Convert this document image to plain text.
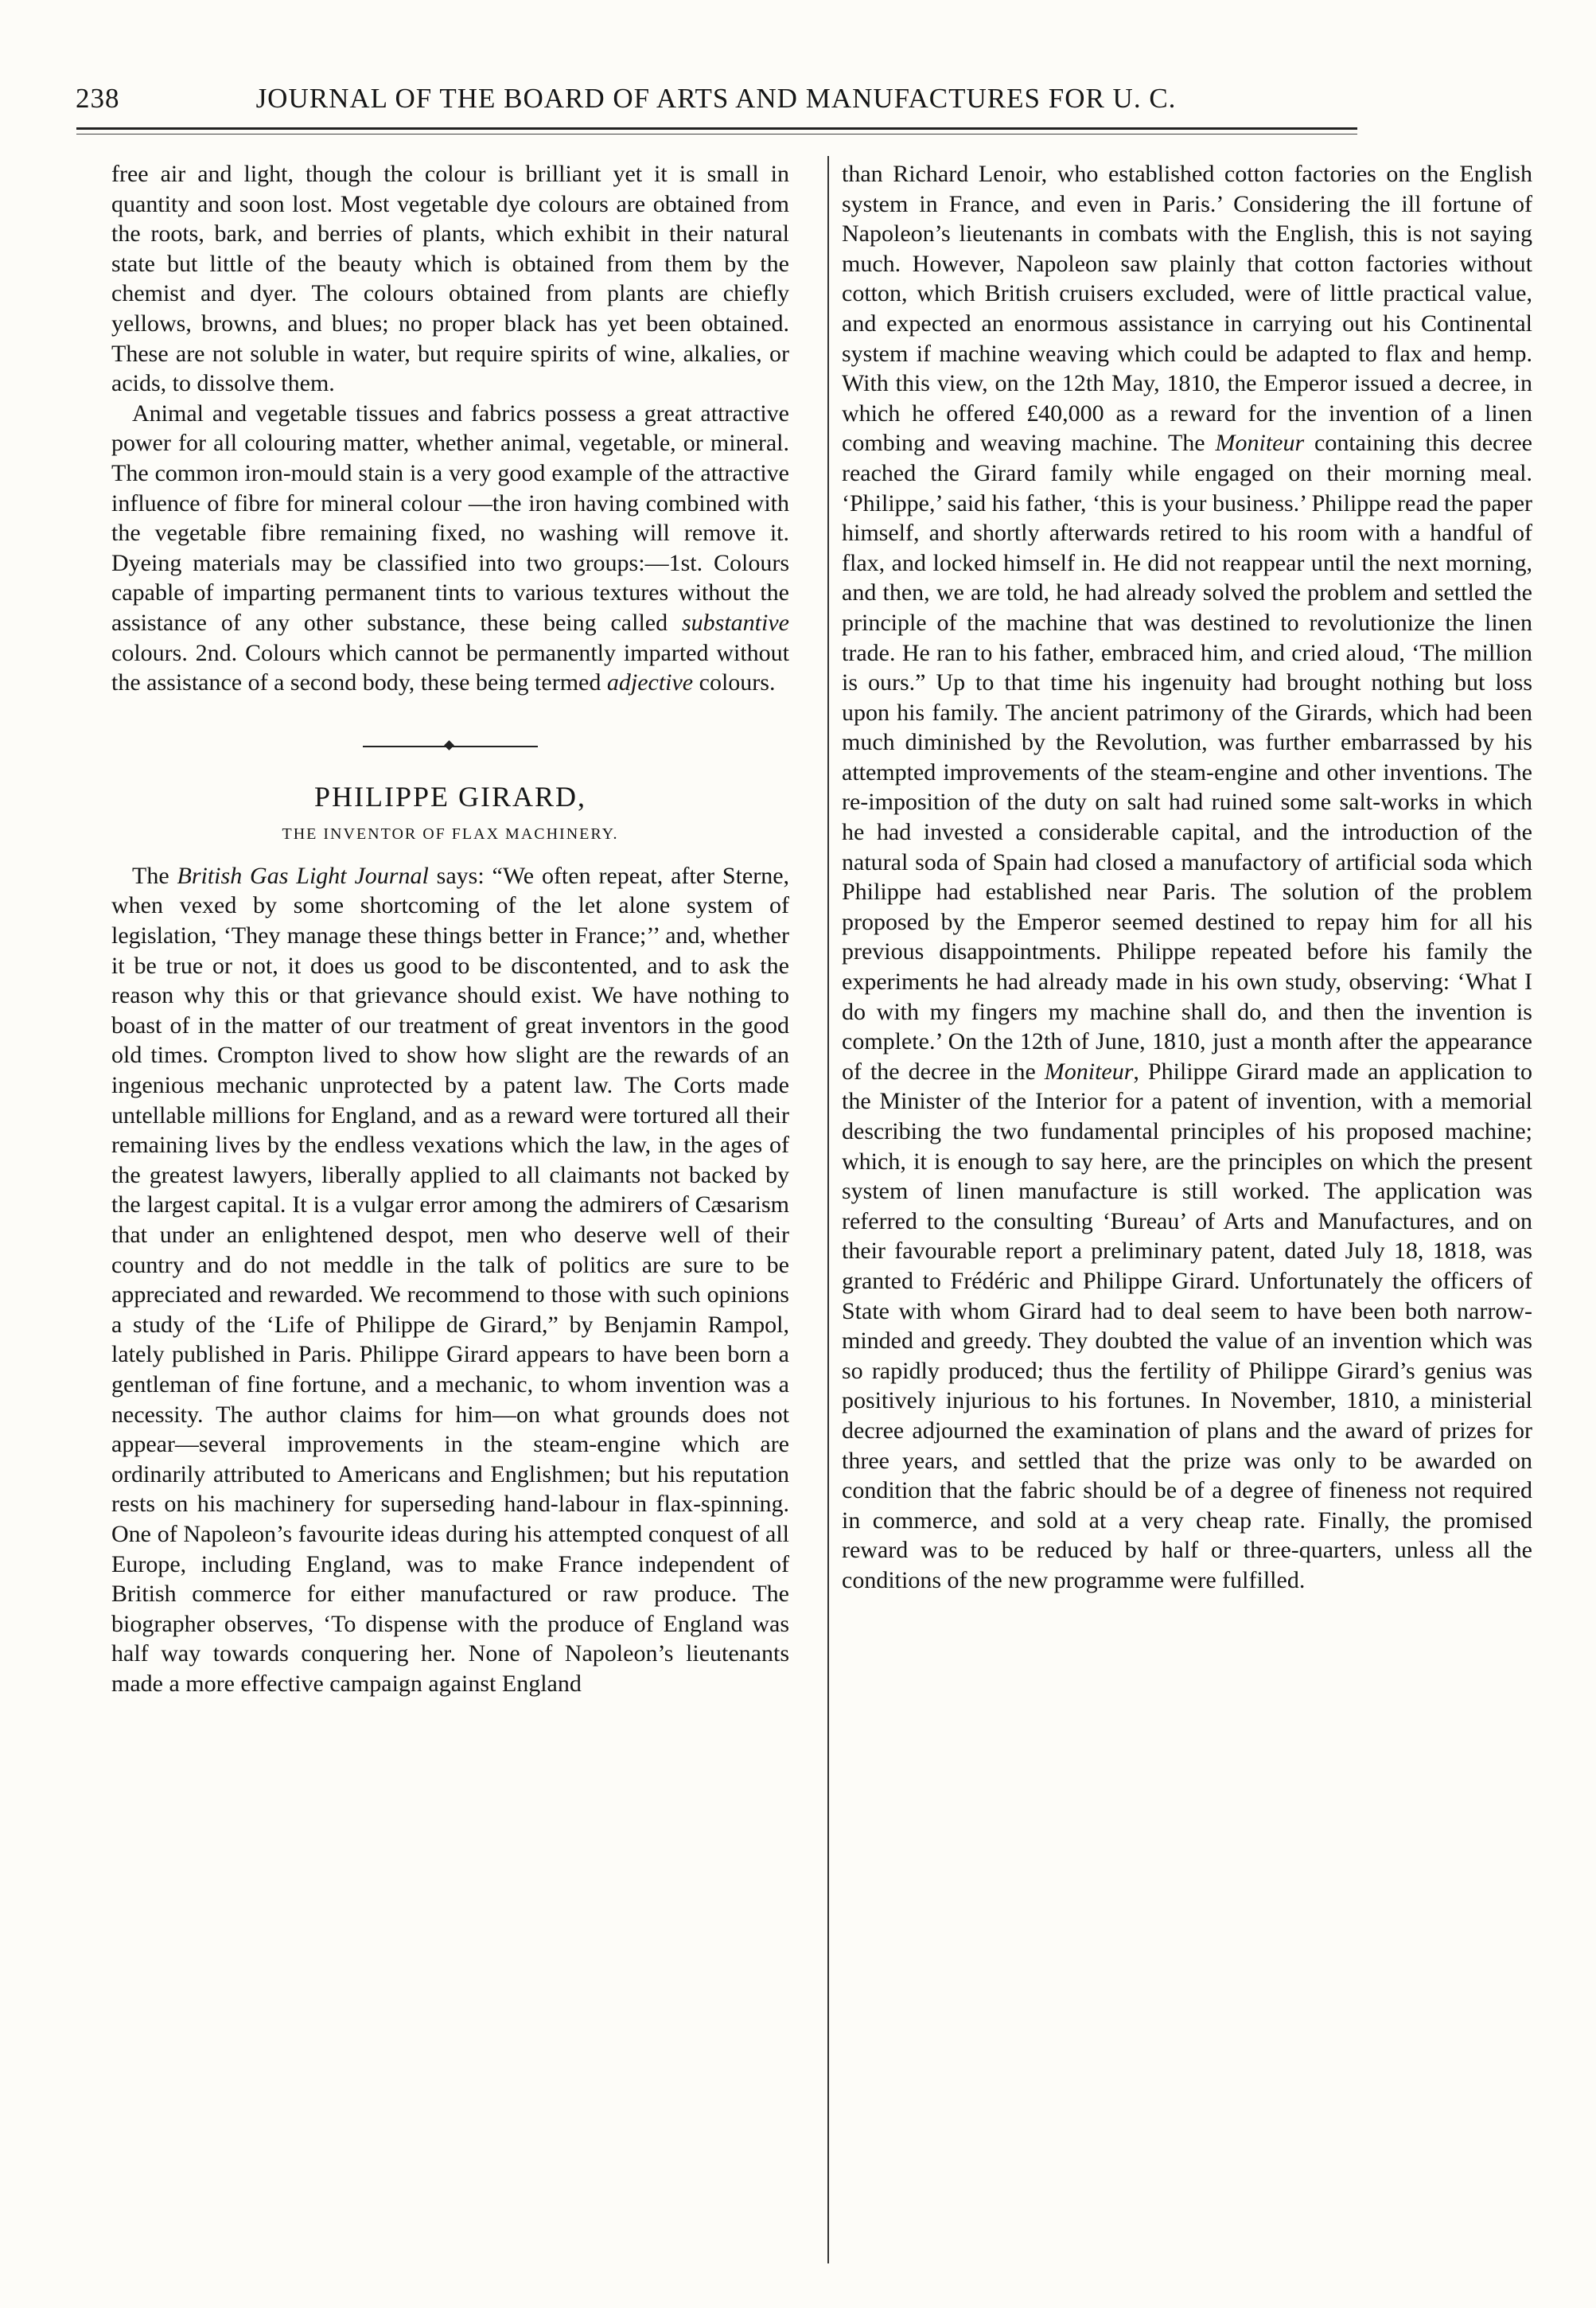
238	JOURNAL OF THE BOARD OF ARTS AND MANUFACTURES FOR U. C.

free air and light, though the colour is brilliant yet it is small in quantity and soon lost. Most vegetable dye colours are obtained from the roots, bark, and berries of plants, which exhibit in their natural state but little of the beauty which is obtained from them by the chemist and dyer. The colours obtained from plants are chiefly yellows, browns, and blues; no proper black has yet been obtained. These are not soluble in water, but require spirits of wine, alkalies, or acids, to dissolve them.

Animal and vegetable tissues and fabrics possess a great attractive power for all colouring matter, whether animal, vegetable, or mineral. The common iron-mould stain is a very good example of the attractive influence of fibre for mineral colour —the iron having combined with the vegetable fibre remaining fixed, no washing will remove it. Dyeing materials may be classified into two groups:—1st. Colours capable of imparting permanent tints to various textures without the assistance of any other substance, these being called substantive colours. 2nd. Colours which cannot be permanently imparted without the assistance of a second body, these being termed adjective colours.

PHILIPPE GIRARD,
THE INVENTOR OF FLAX MACHINERY.

The British Gas Light Journal says: “We often repeat, after Sterne, when vexed by some shortcoming of the let alone system of legislation, ‘They manage these things better in France;’’ and, whether it be true or not, it does us good to be discontented, and to ask the reason why this or that grievance should exist. We have nothing to boast of in the matter of our treatment of great inventors in the good old times. Crompton lived to show how slight are the rewards of an ingenious mechanic unprotected by a patent law. The Corts made untellable millions for England, and as a reward were tortured all their remaining lives by the endless vexations which the law, in the ages of the greatest lawyers, liberally applied to all claimants not backed by the largest capital. It is a vulgar error among the admirers of Cæsarism that under an enlightened despot, men who deserve well of their country and do not meddle in the talk of politics are sure to be appreciated and rewarded. We recommend to those with such opinions a study of the ‘Life of Philippe de Girard,” by Benjamin Rampol, lately published in Paris. Philippe Girard appears to have been born a gentleman of fine fortune, and a mechanic, to whom invention was a necessity. The author claims for him—on what grounds does not appear—several improvements in the steam-engine which are ordinarily attributed to Americans and Englishmen; but his reputation rests on his machinery for superseding hand-labour in flax-spinning. One of Napoleon’s favourite ideas during his attempted conquest of all Europe, including England, was to make France independent of British commerce for either manufactured or raw produce. The biographer observes, ‘To dispense with the produce of England was half way towards conquering her. None of Napoleon’s lieutenants made a more effective campaign against England

than Richard Lenoir, who established cotton factories on the English system in France, and even in Paris.’ Considering the ill fortune of Napoleon’s lieutenants in combats with the English, this is not saying much. However, Napoleon saw plainly that cotton factories without cotton, which British cruisers excluded, were of little practical value, and expected an enormous assistance in carrying out his Continental system if machine weaving which could be adapted to flax and hemp. With this view, on the 12th May, 1810, the Emperor issued a decree, in which he offered £40,000 as a reward for the invention of a linen combing and weaving machine. The Moniteur containing this decree reached the Girard family while engaged on their morning meal. ‘Philippe,’ said his father, ‘this is your business.’ Philippe read the paper himself, and shortly afterwards retired to his room with a handful of flax, and locked himself in. He did not reappear until the next morning, and then, we are told, he had already solved the problem and settled the principle of the machine that was destined to revolutionize the linen trade. He ran to his father, embraced him, and cried aloud, ‘The million is ours.” Up to that time his ingenuity had brought nothing but loss upon his family. The ancient patrimony of the Girards, which had been much diminished by the Revolution, was further embarrassed by his attempted improvements of the steam-engine and other inventions. The re-imposition of the duty on salt had ruined some salt-works in which he had invested a considerable capital, and the introduction of the natural soda of Spain had closed a manufactory of artificial soda which Philippe had established near Paris. The solution of the problem proposed by the Emperor seemed destined to repay him for all his previous disappointments. Philippe repeated before his family the experiments he had already made in his own study, observing: ‘What I do with my fingers my machine shall do, and then the invention is complete.’ On the 12th of June, 1810, just a month after the appearance of the decree in the Moniteur, Philippe Girard made an application to the Minister of the Interior for a patent of invention, with a memorial describing the two fundamental principles of his proposed machine; which, it is enough to say here, are the principles on which the present system of linen manufacture is still worked. The application was referred to the consulting ‘Bureau’ of Arts and Manufactures, and on their favourable report a preliminary patent, dated July 18, 1818, was granted to Frédéric and Philippe Girard. Unfortunately the officers of State with whom Girard had to deal seem to have been both narrow-minded and greedy. They doubted the value of an invention which was so rapidly produced; thus the fertility of Philippe Girard’s genius was positively injurious to his fortunes. In November, 1810, a ministerial decree adjourned the examination of plans and the award of prizes for three years, and settled that the prize was only to be awarded on condition that the fabric should be of a degree of fineness not required in commerce, and sold at a very cheap rate. Finally, the promised reward was to be reduced by half or three-quarters, unless all the conditions of the new programme were fulfilled.
